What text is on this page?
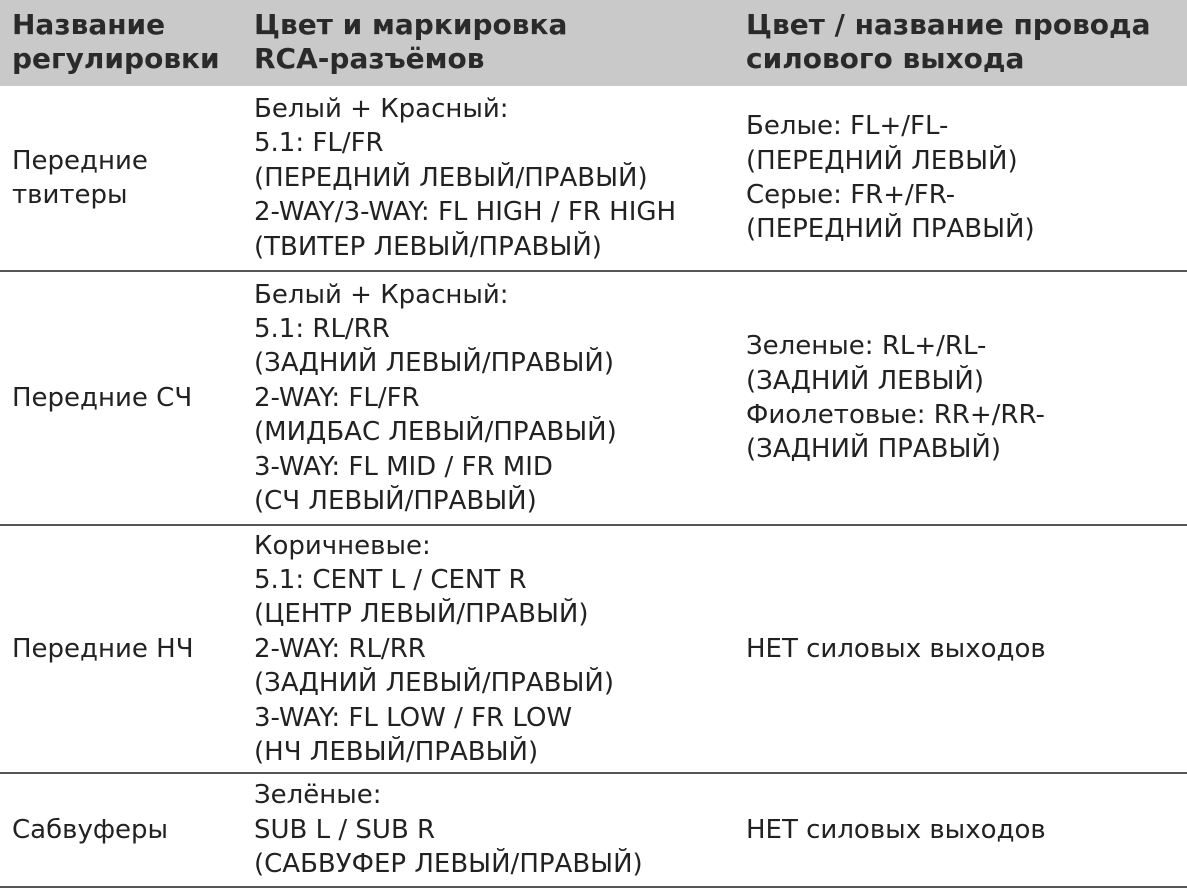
Название
регулировки

Цвет и маркировка
RCA-разъёмов

Цвет / название провода
силового выхода

Передние
твитеры

Белый + Красный:
5.1: FL/FR
(ПЕРЕДНИЙ ЛЕВЫЙ/ПРАВЫЙ)
2-WAY/3-WAY: FL HIGH / FR HIGH
(ТВИТЕР ЛЕВЫЙ/ПРАВЫЙ)

Белые: FL+/FL-
(ПЕРЕДНИЙ ЛЕВЫЙ)
Серые: FR+/FR-
(ПЕРЕДНИЙ ПРАВЫЙ)

Передние СЧ

Белый + Красный:
5.1: RL/RR
(ЗАДНИЙ ЛЕВЫЙ/ПРАВЫЙ)
2-WAY: FL/FR
(МИДБАС ЛЕВЫЙ/ПРАВЫЙ)
3-WAY: FL MID / FR MID
(СЧ ЛЕВЫЙ/ПРАВЫЙ)

Зеленые: RL+/RL-
(ЗАДНИЙ ЛЕВЫЙ)
Фиолетовые: RR+/RR-
(ЗАДНИЙ ПРАВЫЙ)

Передние НЧ

Коричневые:
5.1: CENT L / CENT R
(ЦЕНТР ЛЕВЫЙ/ПРАВЫЙ)
2-WAY: RL/RR
(ЗАДНИЙ ЛЕВЫЙ/ПРАВЫЙ)
3-WAY: FL LOW / FR LOW
(НЧ ЛЕВЫЙ/ПРАВЫЙ)

НЕТ силовых выходов

Сабвуферы

Зелёные:
SUB L / SUB R
(САБВУФЕР ЛЕВЫЙ/ПРАВЫЙ)

НЕТ силовых выходов
